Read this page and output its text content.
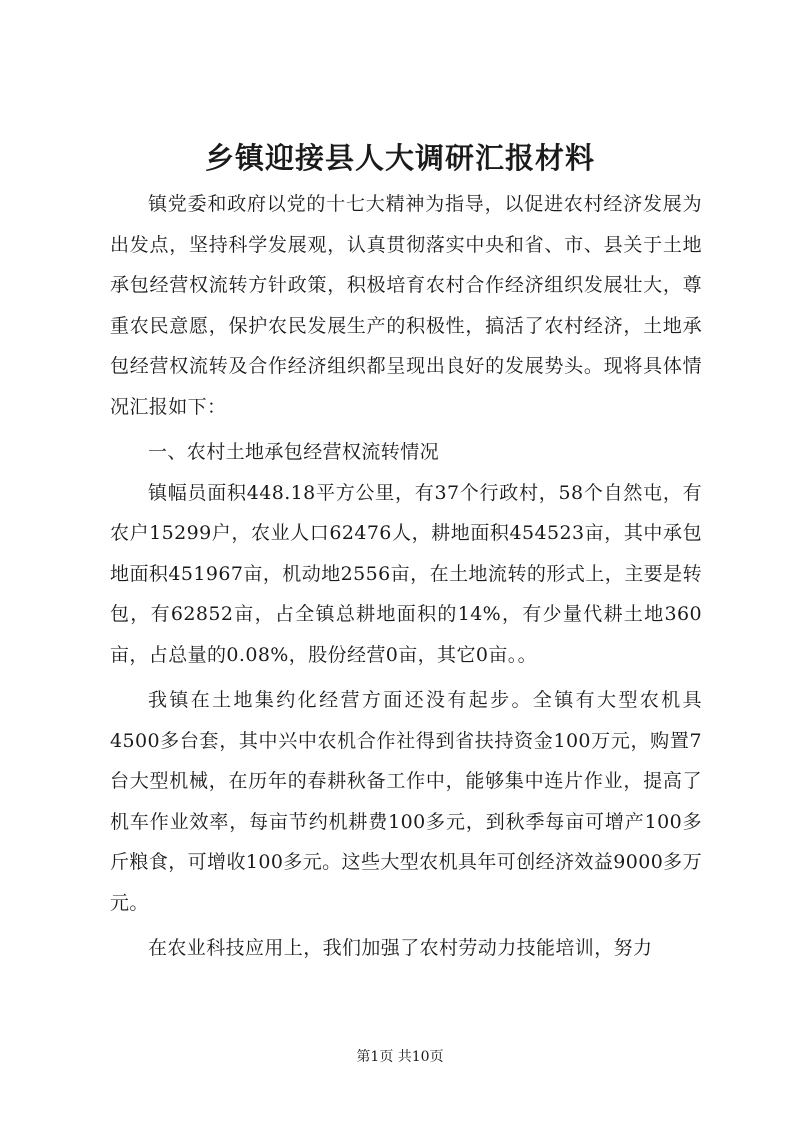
乡镇迎接县人大调研汇报材料

镇党委和政府以党的十七大精神为指导，以促进农村经济发展为出发点，坚持科学发展观，认真贯彻落实中央和省、市、县关于土地承包经营权流转方针政策，积极培育农村合作经济组织发展壮大，尊重农民意愿，保护农民发展生产的积极性，搞活了农村经济，土地承包经营权流转及合作经济组织都呈现出良好的发展势头。现将具体情况汇报如下：

一、农村土地承包经营权流转情况

镇幅员面积448.18平方公里，有37个行政村，58个自然屯，有农户15299户，农业人口62476人，耕地面积454523亩，其中承包地面积451967亩，机动地2556亩，在土地流转的形式上，主要是转包，有62852亩，占全镇总耕地面积的14%，有少量代耕土地360亩，占总量的0.08%，股份经营0亩，其它0亩。。

我镇在土地集约化经营方面还没有起步。全镇有大型农机具4500多台套，其中兴中农机合作社得到省扶持资金100万元，购置7台大型机械，在历年的春耕秋备工作中，能够集中连片作业，提高了机车作业效率，每亩节约机耕费100多元，到秋季每亩可增产100多斤粮食，可增收100多元。这些大型农机具年可创经济效益9000多万元。

在农业科技应用上，我们加强了农村劳动力技能培训，努力

第1页 共10页
